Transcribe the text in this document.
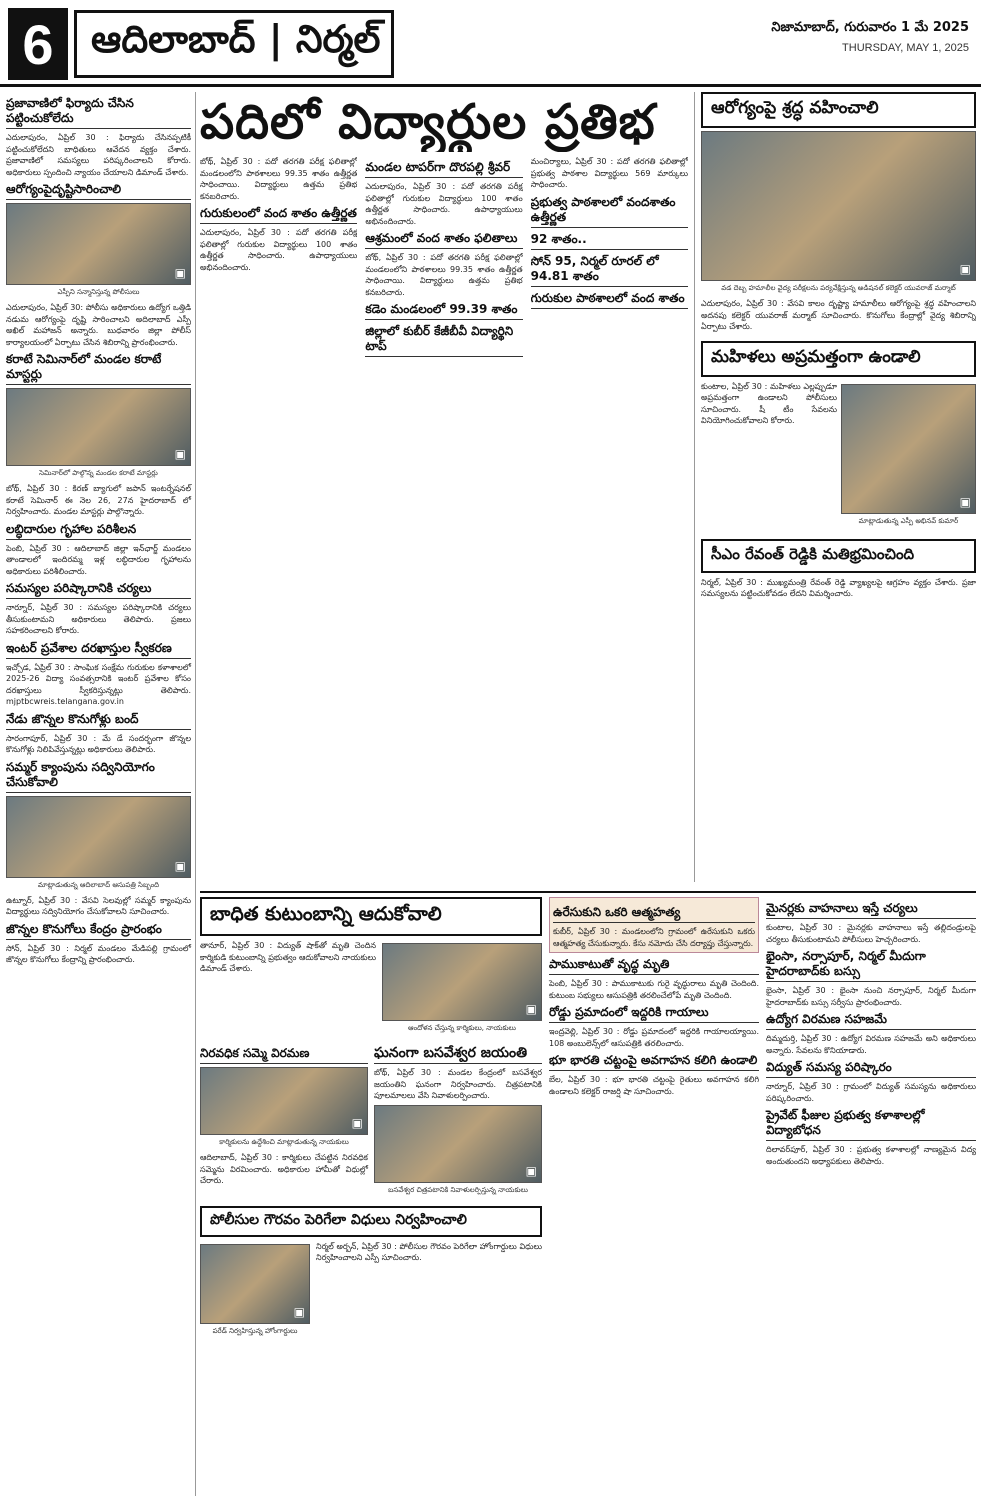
6 ఆదిలాబాద్ | నిర్మల్	నిజామాబాద్, గురువారం 1 మే 2025
THURSDAY, MAY 1, 2025
ప్రజావాణిలో ఫిర్యాదు చేసిన పట్టించుకోలేదు
ఎదులాపురం, ఏప్రిల్ 30 : ఫిర్యాదు చేసినప్పటికీ పట్టించుకోలేదని బాధితులు ఆవేదన వ్యక్తం చేశారు. ప్రజావాణిలో సమస్యలు పరిష్కరించాలని కోరారు. అధికారులు స్పందించి న్యాయం చేయాలని డిమాండ్ చేశారు.
ఆరోగ్యంపైదృష్టిసారించాలి
▣
ఎస్పీని సన్మానిస్తున్న పోలీసులు
ఎదులాపురం, ఏప్రిల్ 30: పోలీసు అధికారులు ఉద్యోగ ఒత్తిడి నడుమ ఆరోగ్యంపై దృష్టి సారించాలని అదిలాబాద్ ఎస్పీ అఖిల్ మహాజన్ అన్నారు. బుధవారం జిల్లా పోలీస్ కార్యాలయంలో ఏర్పాటు చేసిన శిబిరాన్ని ప్రారంభించారు.
కరాటే సెమినార్‌లో మండల కరాటే మాస్టర్లు
▣
సెమినార్‌లో పాల్గొన్న మండల కరాటే మాస్టర్లు
బోథ్, ఏప్రిల్ 30 : కిరణ్ బ్యాగులో జపాన్ ఇంటర్నేషనల్ కరాటే సెమినార్ ఈ నెల 26, 27న హైదరాబాద్ లో నిర్వహించారు. మండల మాస్టర్లు పాల్గొన్నారు.
లబ్ధిదారుల గృహాల పరిశీలన
పెంబి, ఏప్రిల్ 30 : ఆదిలాబాద్ జిల్లా ఇన్‌ఛార్జ్ మండలం తాండాలలో ఇందిరమ్మ ఇళ్ల లబ్ధిదారుల గృహాలను అధికారులు పరిశీలించారు.
సమస్యల పరిష్కారానికి చర్యలు
నార్నూర్, ఏప్రిల్ 30 : సమస్యల పరిష్కారానికి చర్యలు తీసుకుంటామని అధికారులు తెలిపారు. ప్రజలు సహకరించాలని కోరారు.
ఇంటర్ ప్రవేశాల దరఖాస్తుల స్వీకరణ
ఇచ్చోడ, ఏప్రిల్ 30 : సాంఘిక సంక్షేమ గురుకుల కళాశాలలో 2025-26 విద్యా సంవత్సరానికి ఇంటర్ ప్రవేశాల కోసం దరఖాస్తులు స్వీకరిస్తున్నట్లు తెలిపారు. mjptbcwreis.telangana.gov.in
నేడు జొన్నల కొనుగోళ్లు బంద్
సారంగాపూర్, ఏప్రిల్ 30 : మే డే సందర్భంగా జొన్నల కొనుగోళ్లు నిలిపివేస్తున్నట్లు అధికారులు తెలిపారు.
సమ్మర్ క్యాంపును సద్వినియోగం చేసుకోవాలి
▣
మాట్లాడుతున్న ఆదిలాబాద్ ఆసుపత్రి సిబ్బంది
ఉట్నూర్, ఏప్రిల్ 30 : వేసవి సెలవుల్లో సమ్మర్ క్యాంపును విద్యార్థులు సద్వినియోగం చేసుకోవాలని సూచించారు.
జొన్నల కొనుగోలు కేంద్రం ప్రారంభం
సోన్, ఏప్రిల్ 30 : నిర్మల్ మండలం మేడిపల్లి గ్రామంలో జొన్నల కొనుగోలు కేంద్రాన్ని ప్రారంభించారు.
పదిలో విద్యార్థుల ప్రతిభ
బోథ్, ఏప్రిల్ 30 : పదో తరగతి పరీక్ష ఫలితాల్లో మండలంలోని పాఠశాలలు 99.35 శాతం ఉత్తీర్ణత సాధించాయి. విద్యార్థులు ఉత్తమ ప్రతిభ కనబరిచారు.
గురుకులంలో వంద శాతం ఉత్తీర్ణత
ఎదులాపురం, ఏప్రిల్ 30 : పదో తరగతి పరీక్ష ఫలితాల్లో గురుకుల విద్యార్థులు 100 శాతం ఉత్తీర్ణత సాధించారు. ఉపాధ్యాయులు అభినందించారు.
మండల టాపర్‌గా దొరపల్లి శ్రీవర్
ఎదులాపురం, ఏప్రిల్ 30 : పదో తరగతి పరీక్ష ఫలితాల్లో గురుకుల విద్యార్థులు 100 శాతం ఉత్తీర్ణత సాధించారు. ఉపాధ్యాయులు అభినందించారు.
ఆశ్రమంలో వంద శాతం ఫలితాలు
బోథ్, ఏప్రిల్ 30 : పదో తరగతి పరీక్ష ఫలితాల్లో మండలంలోని పాఠశాలలు 99.35 శాతం ఉత్తీర్ణత సాధించాయి. విద్యార్థులు ఉత్తమ ప్రతిభ కనబరిచారు.
కడెం మండలంలో 99.39 శాతం
జిల్లాలో కుబీర్ కేజీబీవీ విద్యార్థిని టాప్
మంచిర్యాలు, ఏప్రిల్ 30 : పదో తరగతి ఫలితాల్లో ప్రభుత్వ పాఠశాల విద్యార్థులు 569 మార్కులు సాధించారు.
ప్రభుత్వ పాఠశాలలో వందశాతం ఉత్తీర్ణత
92 శాతం..
సోన్ 95, నిర్మల్ రూరల్ లో 94.81 శాతం
గురుకుల పాఠశాలలో వంద శాతం
ఆరోగ్యంపై శ్రద్ధ వహించాలి
▣
వడ దెబ్బ హమాలీల వైద్య పరీక్షలను పర్యవేక్షిస్తున్న అడిషనల్ కలెక్టర్ యువరాజ్ మర్మాట్
ఎదులాపురం, ఏప్రిల్ 30 : వేసవి కాలం దృష్ట్యా హమాలీలు ఆరోగ్యంపై శ్రద్ధ వహించాలని అదనపు కలెక్టర్ యువరాజ్ మర్మాట్ సూచించారు. కొనుగోలు కేంద్రాల్లో వైద్య శిబిరాన్ని ఏర్పాటు చేశారు.
మహిళలు అప్రమత్తంగా ఉండాలి
కుంటాల, ఏప్రిల్ 30 : మహిళలు ఎల్లప్పుడూ అప్రమత్తంగా ఉండాలని పోలీసులు సూచించారు. షీ టీం సేవలను వినియోగించుకోవాలని కోరారు.
▣
మాట్లాడుతున్న ఎస్పీ అభినవ్ కుమార్
సీఎం రేవంత్ రెడ్డికి మతిభ్రమించింది
నిర్మల్, ఏప్రిల్ 30 : ముఖ్యమంత్రి రేవంత్ రెడ్డి వ్యాఖ్యలపై ఆగ్రహం వ్యక్తం చేశారు. ప్రజా సమస్యలను పట్టించుకోవడం లేదని విమర్శించారు.
బాధిత కుటుంబాన్ని ఆదుకోవాలి
తానూర్, ఏప్రిల్ 30 : విద్యుత్ షాక్‌తో మృతి చెందిన కార్మికుడి కుటుంబాన్ని ప్రభుత్వం ఆదుకోవాలని నాయకులు డిమాండ్ చేశారు.
▣
ఆందోళన చేస్తున్న కార్మికులు, నాయకులు
నిరవధిక సమ్మె విరమణ
▣
కార్మికులను ఉద్దేశించి మాట్లాడుతున్న నాయకులు
ఆదిలాబాద్, ఏప్రిల్ 30 : కార్మికులు చేపట్టిన నిరవధిక సమ్మెను విరమించారు. అధికారుల హామీతో విధుల్లో చేరారు.
ఘనంగా బసవేశ్వర జయంతి
బోథ్, ఏప్రిల్ 30 : మండల కేంద్రంలో బసవేశ్వర జయంతిని ఘనంగా నిర్వహించారు. చిత్రపటానికి పూలమాలలు వేసి నివాళులర్పించారు.
▣
బసవేశ్వర చిత్రపటానికి నివాళులర్పిస్తున్న నాయకులు
పోలీసుల గౌరవం పెరిగేలా విధులు నిర్వహించాలి
▣
పరేడ్ నిర్వహిస్తున్న హోంగార్డులు
నిర్మల్ అర్బన్, ఏప్రిల్ 30 : పోలీసుల గౌరవం పెరిగేలా హోంగార్డులు విధులు నిర్వహించాలని ఎస్పీ సూచించారు.
ఉరేసుకుని ఒకరి ఆత్మహత్య
కుబీర్, ఏప్రిల్ 30 : మండలంలోని గ్రామంలో ఉరేసుకుని ఒకరు ఆత్మహత్య చేసుకున్నారు. కేసు నమోదు చేసి దర్యాప్తు చేస్తున్నారు.
పాముకాటుతో వృద్ధ మృతి
పెంబి, ఏప్రిల్ 30 : పాముకాటుకు గురై వృద్ధురాలు మృతి చెందింది. కుటుంబ సభ్యులు ఆసుపత్రికి తరలించేలోపే మృతి చెందింది.
రోడ్డు ప్రమాదంలో ఇద్దరికి గాయాలు
ఇంద్రవెల్లి, ఏప్రిల్ 30 : రోడ్డు ప్రమాదంలో ఇద్దరికి గాయాలయ్యాయి. 108 అంబులెన్స్‌లో ఆసుపత్రికి తరలించారు.
భూ భారతి చట్టంపై అవగాహన కలిగి ఉండాలి
బేల, ఏప్రిల్ 30 : భూ భారతి చట్టంపై రైతులు అవగాహన కలిగి ఉండాలని కలెక్టర్ రాజర్షి షా సూచించారు.
మైనర్లకు వాహనాలు ఇస్తే చర్యలు
కుంటాల, ఏప్రిల్ 30 : మైనర్లకు వాహనాలు ఇస్తే తల్లిదండ్రులపై చర్యలు తీసుకుంటామని పోలీసులు హెచ్చరించారు.
భైంసా, నర్సాపూర్, నిర్మల్ మీదుగా హైదరాబాద్‌కు బస్సు
భైంసా, ఏప్రిల్ 30 : భైంసా నుంచి నర్సాపూర్, నిర్మల్ మీదుగా హైదరాబాద్‌కు బస్సు సర్వీసు ప్రారంభించారు.
ఉద్యోగ విరమణ సహజమే
దిమ్మదుర్తి, ఏప్రిల్ 30 : ఉద్యోగ విరమణ సహజమే అని అధికారులు అన్నారు. సేవలను కొనియాడారు.
విద్యుత్ సమస్య పరిష్కారం
నార్నూర్, ఏప్రిల్ 30 : గ్రామంలో విద్యుత్ సమస్యను అధికారులు పరిష్కరించారు.
ప్రైవేట్ ఫీజుల ప్రభుత్వ కళాశాలల్లో విద్యాబోధన
దిలావర్‌పూర్, ఏప్రిల్ 30 : ప్రభుత్వ కళాశాలల్లో నాణ్యమైన విద్య అందుతుందని అధ్యాపకులు తెలిపారు.
